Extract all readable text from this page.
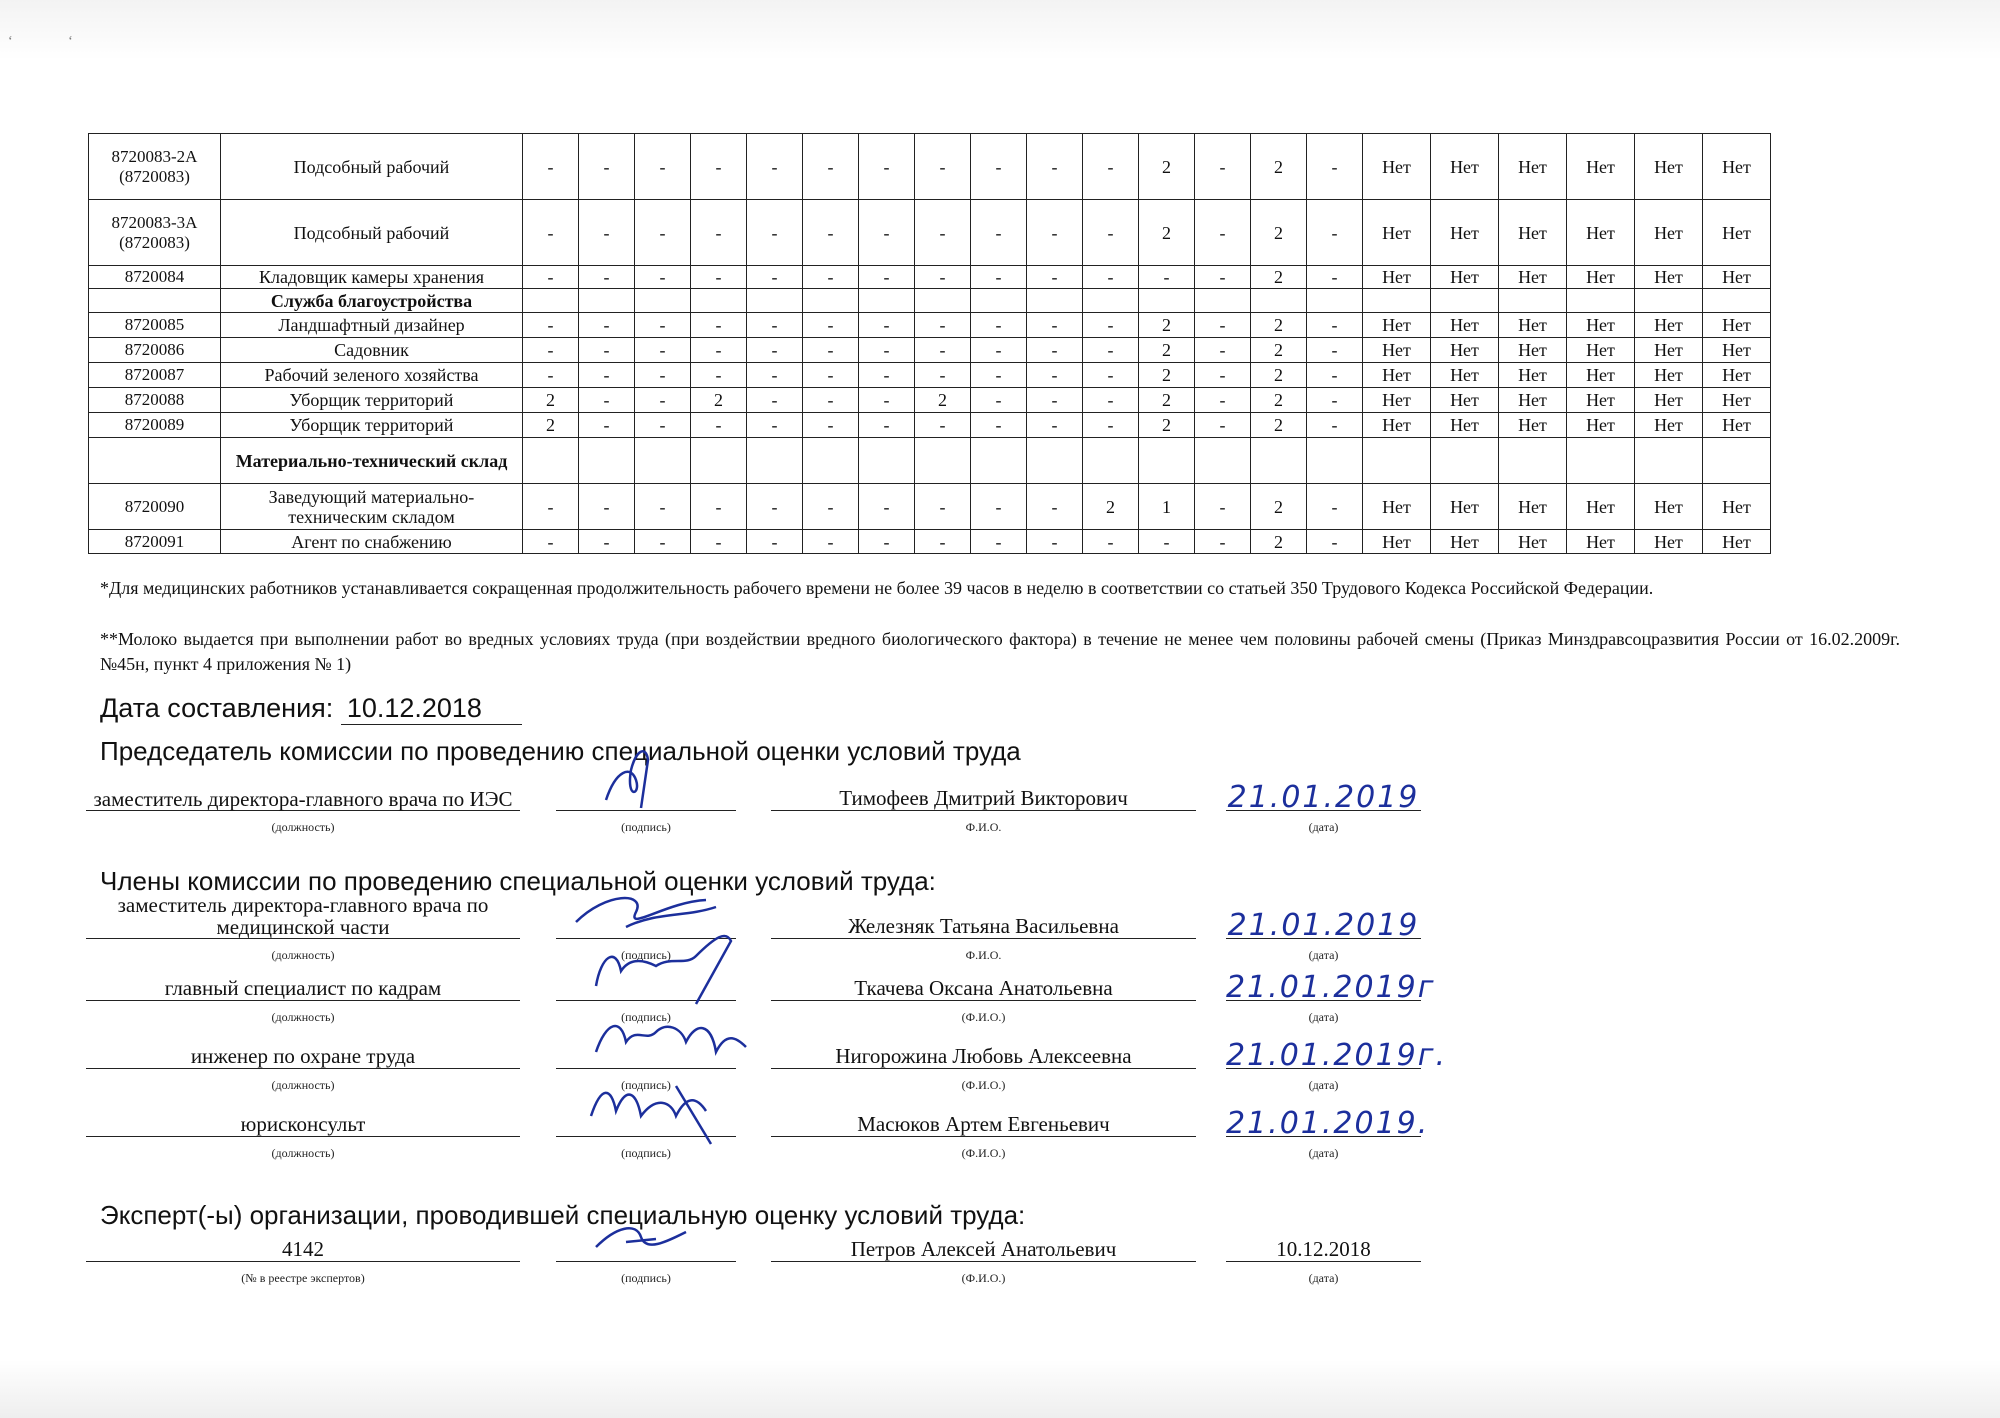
‘ ‘
8720083-2А (8720083)	Подсобный рабочий	-	-	-	-	-	-	-	-	-	-	-	2	-	2	-	Нет	Нет	Нет	Нет	Нет	Нет
8720083-3А (8720083)	Подсобный рабочий	-	-	-	-	-	-	-	-	-	-	-	2	-	2	-	Нет	Нет	Нет	Нет	Нет	Нет
8720084	Кладовщик камеры хранения	-	-	-	-	-	-	-	-	-	-	-	-	-	2	-	Нет	Нет	Нет	Нет	Нет	Нет
	Служба благоустройства																					
8720085	Ландшафтный дизайнер	-	-	-	-	-	-	-	-	-	-	-	2	-	2	-	Нет	Нет	Нет	Нет	Нет	Нет
8720086	Садовник	-	-	-	-	-	-	-	-	-	-	-	2	-	2	-	Нет	Нет	Нет	Нет	Нет	Нет
8720087	Рабочий зеленого хозяйства	-	-	-	-	-	-	-	-	-	-	-	2	-	2	-	Нет	Нет	Нет	Нет	Нет	Нет
8720088	Уборщик территорий	2	-	-	2	-	-	-	2	-	-	-	2	-	2	-	Нет	Нет	Нет	Нет	Нет	Нет
8720089	Уборщик территорий	2	-	-	-	-	-	-	-	-	-	-	2	-	2	-	Нет	Нет	Нет	Нет	Нет	Нет
	Материально-технический склад																					
8720090	Заведующий материально-техническим складом	-	-	-	-	-	-	-	-	-	-	2	1	-	2	-	Нет	Нет	Нет	Нет	Нет	Нет
8720091	Агент по снабжению	-	-	-	-	-	-	-	-	-	-	-	-	-	2	-	Нет	Нет	Нет	Нет	Нет	Нет
*Для медицинских работников устанавливается сокращенная продолжительность рабочего времени не более 39 часов в неделю в соответствии со статьей 350 Трудового Кодекса Российской Федерации.
**Молоко выдается при выполнении работ во вредных условиях труда (при воздействии вредного биологического фактора) в течение не менее чем половины рабочей смены (Приказ Минздравсоцразвития России от 16.02.2009г. №45н, пункт 4 приложения № 1)
Дата составления: 10.12.2018
Председатель комиссии по проведению специальной оценки условий труда
заместитель директора-главного врача по ИЭС	Тимофеев Дмитрий Викторович	21.01.2019
(должность)	(подпись)	Ф.И.О.	(дата)
Члены комиссии по проведению специальной оценки условий труда:
заместитель директора-главного врача по медицинской части	Железняк Татьяна Васильевна	21.01.2019
(должность)	(подпись)	Ф.И.О.	(дата)
главный специалист по кадрам	Ткачева Оксана Анатольевна	21.01.2019г
(должность)	(подпись)	(Ф.И.О.)	(дата)
инженер по охране труда	Нигорожина Любовь Алексеевна	21.01.2019г.
(должность)	(подпись)	(Ф.И.О.)	(дата)
юрисконсульт	Масюков Артем Евгеньевич	21.01.2019.
(должность)	(подпись)	(Ф.И.О.)	(дата)
Эксперт(-ы) организации, проводившей специальную оценку условий труда:
4142	Петров Алексей Анатольевич	10.12.2018
(№ в реестре экспертов)	(подпись)	(Ф.И.О.)	(дата)
